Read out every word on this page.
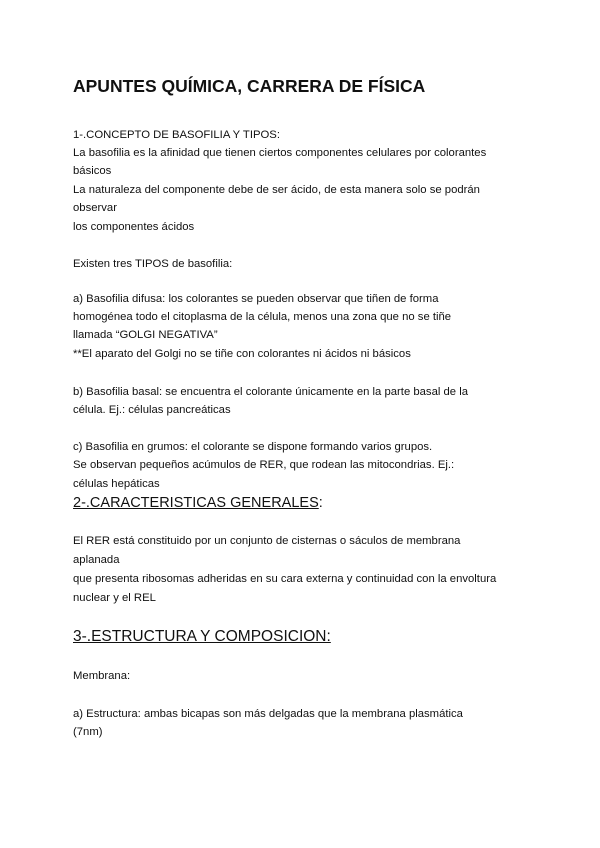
APUNTES QUÍMICA, CARRERA DE FÍSICA
1-.CONCEPTO DE BASOFILIA Y TIPOS:
La basofilia es la afinidad que tienen ciertos componentes celulares por colorantes
básicos
La naturaleza del componente debe de ser ácido, de esta manera solo se podrán
observar
los componentes ácidos
Existen tres TIPOS de basofilia:
a) Basofilia difusa: los colorantes se pueden observar que tiñen de forma
homogénea todo el citoplasma de la célula, menos una zona que no se tiñe
llamada “GOLGI NEGATIVA”
**El aparato del Golgi no se tiñe con colorantes ni ácidos ni básicos
b) Basofilia basal: se encuentra el colorante únicamente en la parte basal de la
célula. Ej.: células pancreáticas
c) Basofilia en grumos: el colorante se dispone formando varios grupos.
Se observan pequeños acúmulos de RER, que rodean las mitocondrias. Ej.:
células hepáticas
2-.CARACTERISTICAS GENERALES:
El RER está constituido por un conjunto de cisternas o sáculos de membrana
aplanada
que presenta ribosomas adheridas en su cara externa y continuidad con la envoltura
nuclear y el REL
3-.ESTRUCTURA Y COMPOSICION:
Membrana:
a) Estructura: ambas bicapas son más delgadas que la membrana plasmática
(7nm)
